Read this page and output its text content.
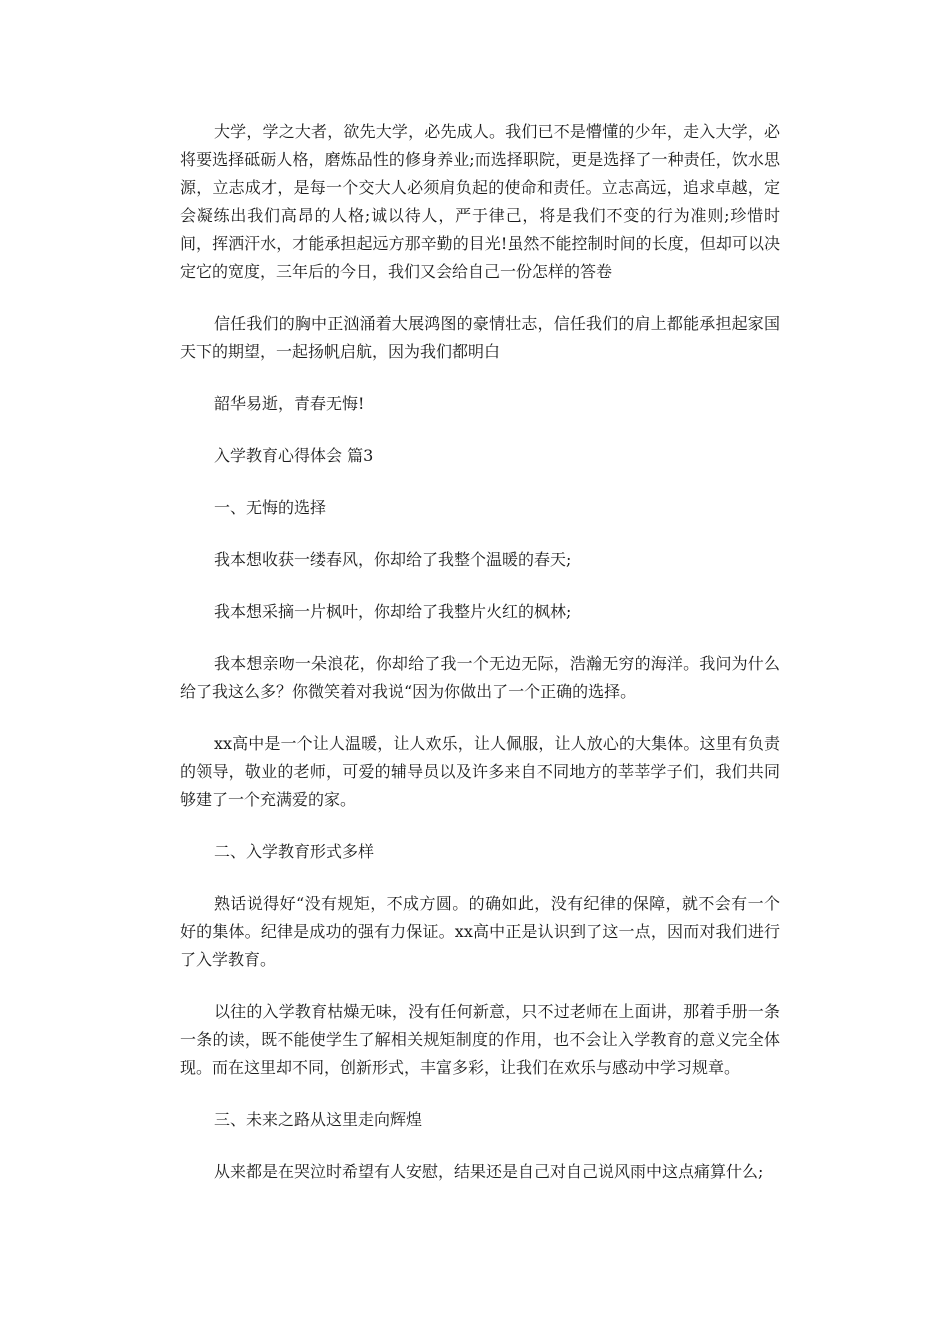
大学，学之大者，欲先大学，必先成人。我们已不是懵懂的少年，走入大学，必将要选择砥砺人格，磨炼品性的修身养业;而选择职院，更是选择了一种责任，饮水思源，立志成才，是每一个交大人必须肩负起的使命和责任。立志高远，追求卓越，定会凝练出我们高昂的人格;诚以待人，严于律己，将是我们不变的行为准则;珍惜时间，挥洒汗水，才能承担起远方那辛勤的目光!虽然不能控制时间的长度，但却可以决定它的宽度，三年后的今日，我们又会给自己一份怎样的答卷

信任我们的胸中正汹涌着大展鸿图的豪情壮志，信任我们的肩上都能承担起家国天下的期望，一起扬帆启航，因为我们都明白

韶华易逝，青春无悔!

入学教育心得体会 篇3

一、无悔的选择

我本想收获一缕春风，你却给了我整个温暖的春天;

我本想采摘一片枫叶，你却给了我整片火红的枫林;

我本想亲吻一朵浪花，你却给了我一个无边无际，浩瀚无穷的海洋。我问为什么给了我这么多？你微笑着对我说“因为你做出了一个正确的选择。

xx高中是一个让人温暖，让人欢乐，让人佩服，让人放心的大集体。这里有负责的领导，敬业的老师，可爱的辅导员以及许多来自不同地方的莘莘学子们，我们共同够建了一个充满爱的家。

二、入学教育形式多样

熟话说得好“没有规矩，不成方圆。的确如此，没有纪律的保障，就不会有一个好的集体。纪律是成功的强有力保证。xx高中正是认识到了这一点，因而对我们进行了入学教育。

以往的入学教育枯燥无味，没有任何新意，只不过老师在上面讲，那着手册一条一条的读，既不能使学生了解相关规矩制度的作用，也不会让入学教育的意义完全体现。而在这里却不同，创新形式，丰富多彩，让我们在欢乐与感动中学习规章。

三、未来之路从这里走向辉煌

从来都是在哭泣时希望有人安慰，结果还是自己对自己说风雨中这点痛算什么;
